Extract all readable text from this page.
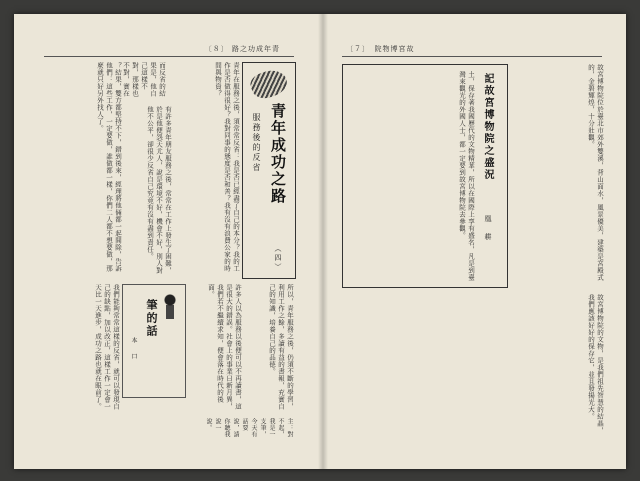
〔８〕 路之功成年青
？結果，雙方都堅持不下，錯到後來，經理將他倆都一起開除，告訴他們：這些工作，一定要做，誰做都一樣，你們二人都不想要做，那麼就只好另外找人了。	而反省的結果是，他自己這樣不對，那樣也不對，實在
有許多青年朋友服務之後，常常在工作上發生了困難，於是他便怨天尤人，說是環境不好，機會不好，別人對他不公平，卻很少反省自己究竟有沒有盡到責任。	青年在服務之後，須常常反省：我是否已經盡了自己的本分？我的工作是否做得很好？我對同事的態度是否和善？我有沒有浪費公家的時間與物資？
青年成功之路
服務後的反省
（四）
我們能夠常常這樣的反省，就可以發現自己的缺點，加以改正，這樣工作一定會一天比一天進步，成功之路也就在眼前了。	許多人以為服務以後便可以不再讀書，這是很大的錯誤。社會上的事業日新月異，我們若不繼續求知，便會落在時代的後面。	所以，青年服務之後，仍須不斷的學習，利用工作之餘，多讀有益的書報，充實自己的知識，培養自己的品德。
筆的話
本　口
主：對不起，我是一支筆，今天有話要說，請你聽我說一說。
〔７〕　院物博宮故
記故宮博物院之盛況
凰　耕
土，保存著我國歷代的文物精華，所以在國際上享有盛名，凡是到臺灣來觀光的外國人士，都一定要到故宮博物院去參觀。	故宮博物院位於臺北市郊外雙溪，背山面水，風景優美，建築是宮殿式的，金碧輝煌，十分壯觀。
故宮博物院的文物，是我們祖先智慧的結晶，我們應該好好的保存它，並且發揚光大。
